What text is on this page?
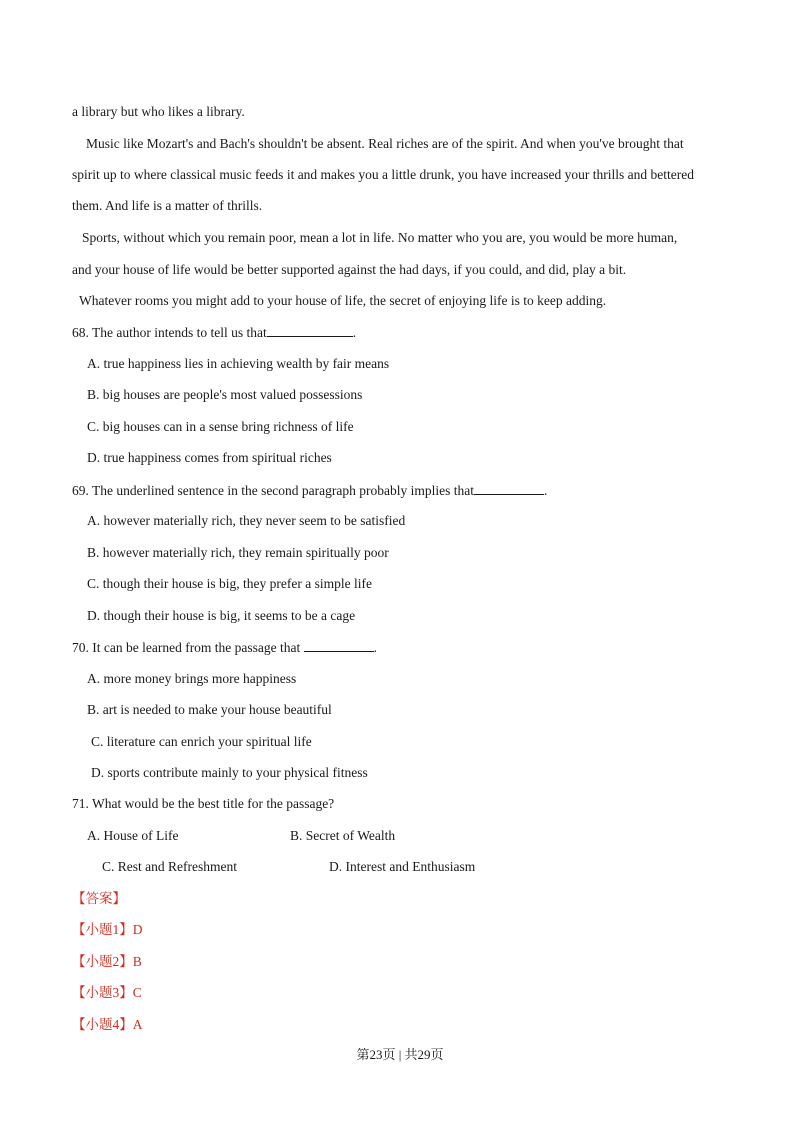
a library but who likes a library.
Music like Mozart's and Bach's shouldn't be absent. Real riches are of the spirit. And when you've brought that
spirit up to where classical music feeds it and makes you a little drunk, you have increased your thrills and bettered
them. And life is a matter of thrills.
Sports, without which you remain poor, mean a lot in life. No matter who you are, you would be more human,
and your house of life would be better supported against the had days, if you could, and did, play a bit.
Whatever rooms you might add to your house of life, the secret of enjoying life is to keep adding.
68. The author intends to tell us that	.
A. true happiness lies in achieving wealth by fair means
B. big houses are people's most valued possessions
C. big houses can in a sense bring richness of life
D. true happiness comes from spiritual riches
69. The underlined sentence in the second paragraph probably implies that	.
A. however materially rich, they never seem to be satisfied
B. however materially rich, they remain spiritually poor
C. though their house is big, they prefer a simple life
D. though their house is big, it seems to be a cage
70. It can be learned from the passage that	.
A. more money brings more happiness
B. art is needed to make your house beautiful
C. literature can enrich your spiritual life
D. sports contribute mainly to your physical fitness
71. What would be the best title for the passage?
A. House of Life	B. Secret of Wealth
C. Rest and Refreshment	D. Interest and Enthusiasm
【答案】
【小题1】D
【小题2】B
【小题3】C
【小题4】A
第23页 | 共29页
